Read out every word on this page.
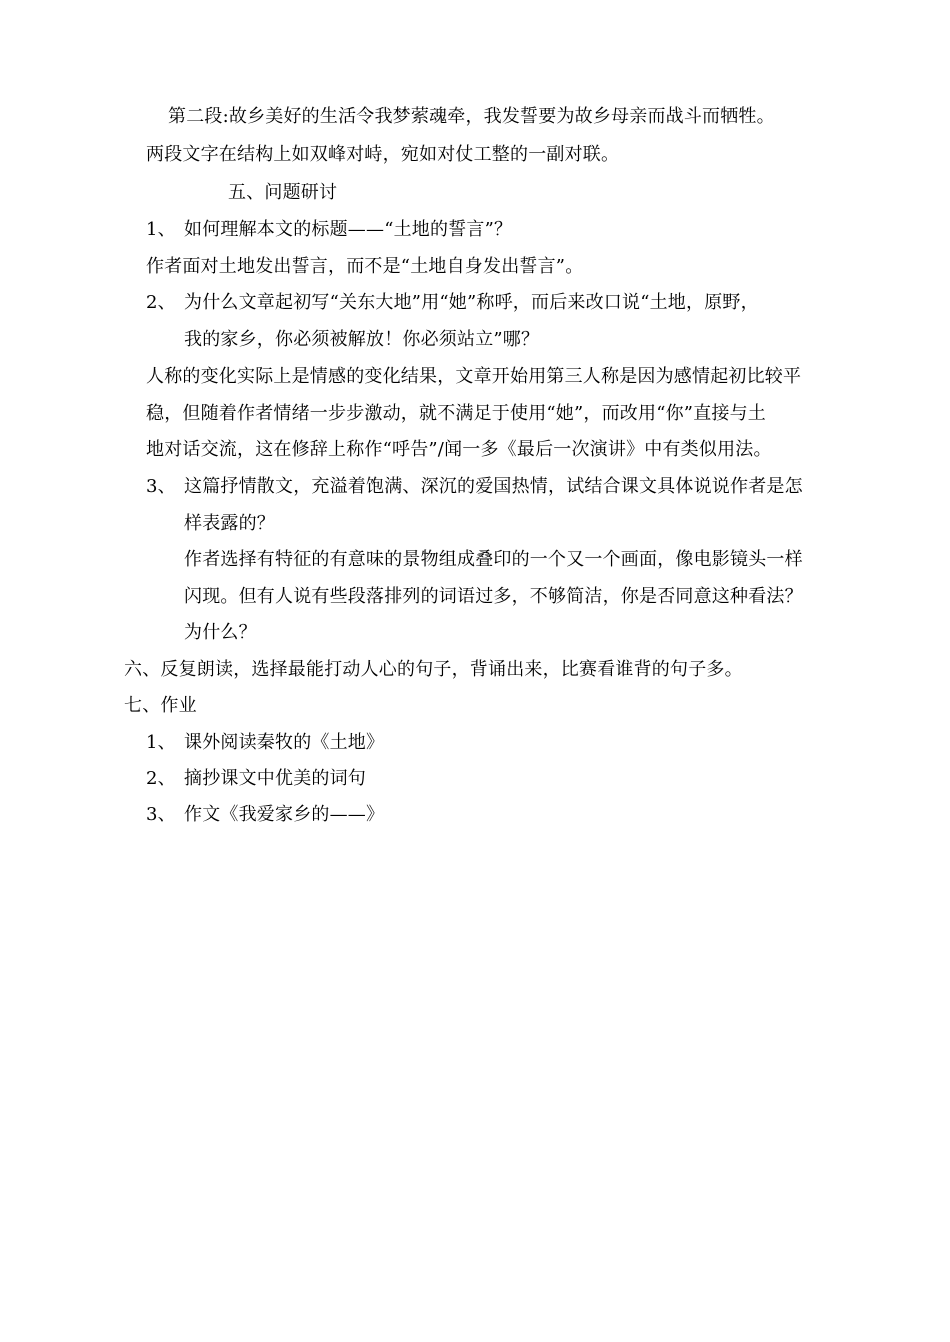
第二段:故乡美好的生活令我梦萦魂牵，我发誓要为故乡母亲而战斗而牺牲。
两段文字在结构上如双峰对峙，宛如对仗工整的一副对联。
五、问题研讨
1、 如何理解本文的标题——“土地的誓言”？
作者面对土地发出誓言，而不是“土地自身发出誓言”。
2、 为什么文章起初写“关东大地”用“她”称呼，而后来改口说“土地，原野，
我的家乡，你必须被解放！你必须站立”哪？
人称的变化实际上是情感的变化结果，文章开始用第三人称是因为感情起初比较平
稳，但随着作者情绪一步步激动，就不满足于使用“她”，而改用“你”直接与土
地对话交流，这在修辞上称作“呼告”/闻一多《最后一次演讲》中有类似用法。
3、 这篇抒情散文，充溢着饱满、深沉的爱国热情，试结合课文具体说说作者是怎
样表露的？
作者选择有特征的有意味的景物组成叠印的一个又一个画面，像电影镜头一样
闪现。但有人说有些段落排列的词语过多，不够简洁，你是否同意这种看法？
为什么？
六、反复朗读，选择最能打动人心的句子，背诵出来，比赛看谁背的句子多。
七、作业
1、 课外阅读秦牧的《土地》
2、 摘抄课文中优美的词句
3、 作文《我爱家乡的——》
